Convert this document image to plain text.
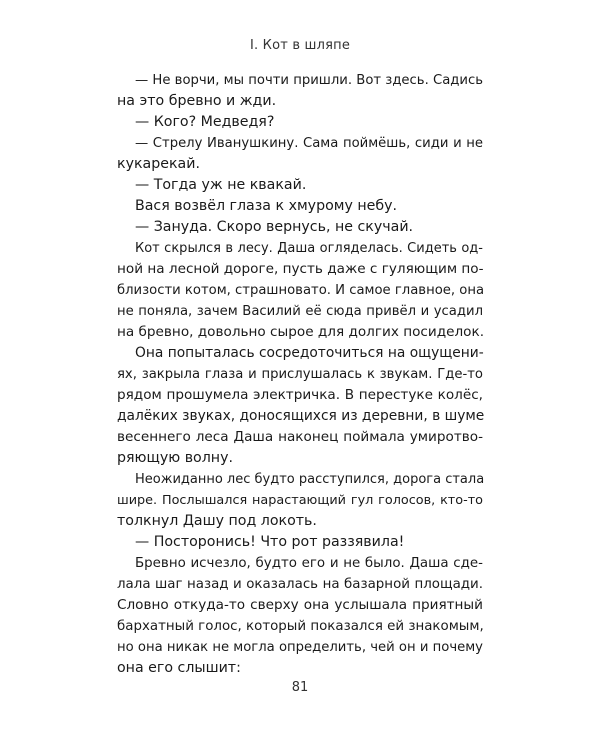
I. Кот в шляпе
— Не ворчи, мы почти пришли. Вот здесь. Садись
на это бревно и жди.
— Кого? Медведя?
— Стрелу Иванушкину. Сама поймёшь, сиди и не
кукарекай.
— Тогда уж не квакай.
Вася возвёл глаза к хмурому небу.
— Зануда. Скоро вернусь, не скучай.
Кот скрылся в лесу. Даша огляделась. Сидеть од-
ной на лесной дороге, пусть даже с гуляющим по-
близости котом, страшновато. И самое главное, она
не поняла, зачем Василий её сюда привёл и усадил
на бревно, довольно сырое для долгих посиделок.
Она попыталась сосредоточиться на ощущени-
ях, закрыла глаза и прислушалась к звукам. Где-то
рядом прошумела электричка. В перестуке колёс,
далёких звуках, доносящихся из деревни, в шуме
весеннего леса Даша наконец поймала умиротво-
ряющую волну.
Неожиданно лес будто расступился, дорога стала
шире. Послышался нарастающий гул голосов, кто-то
толкнул Дашу под локоть.
— Посторонись! Что рот раззявила!
Бревно исчезло, будто его и не было. Даша сде-
лала шаг назад и оказалась на базарной площади.
Словно откуда-то сверху она услышала приятный
бархатный голос, который показался ей знакомым,
но она никак не могла определить, чей он и почему
она его слышит:
81
